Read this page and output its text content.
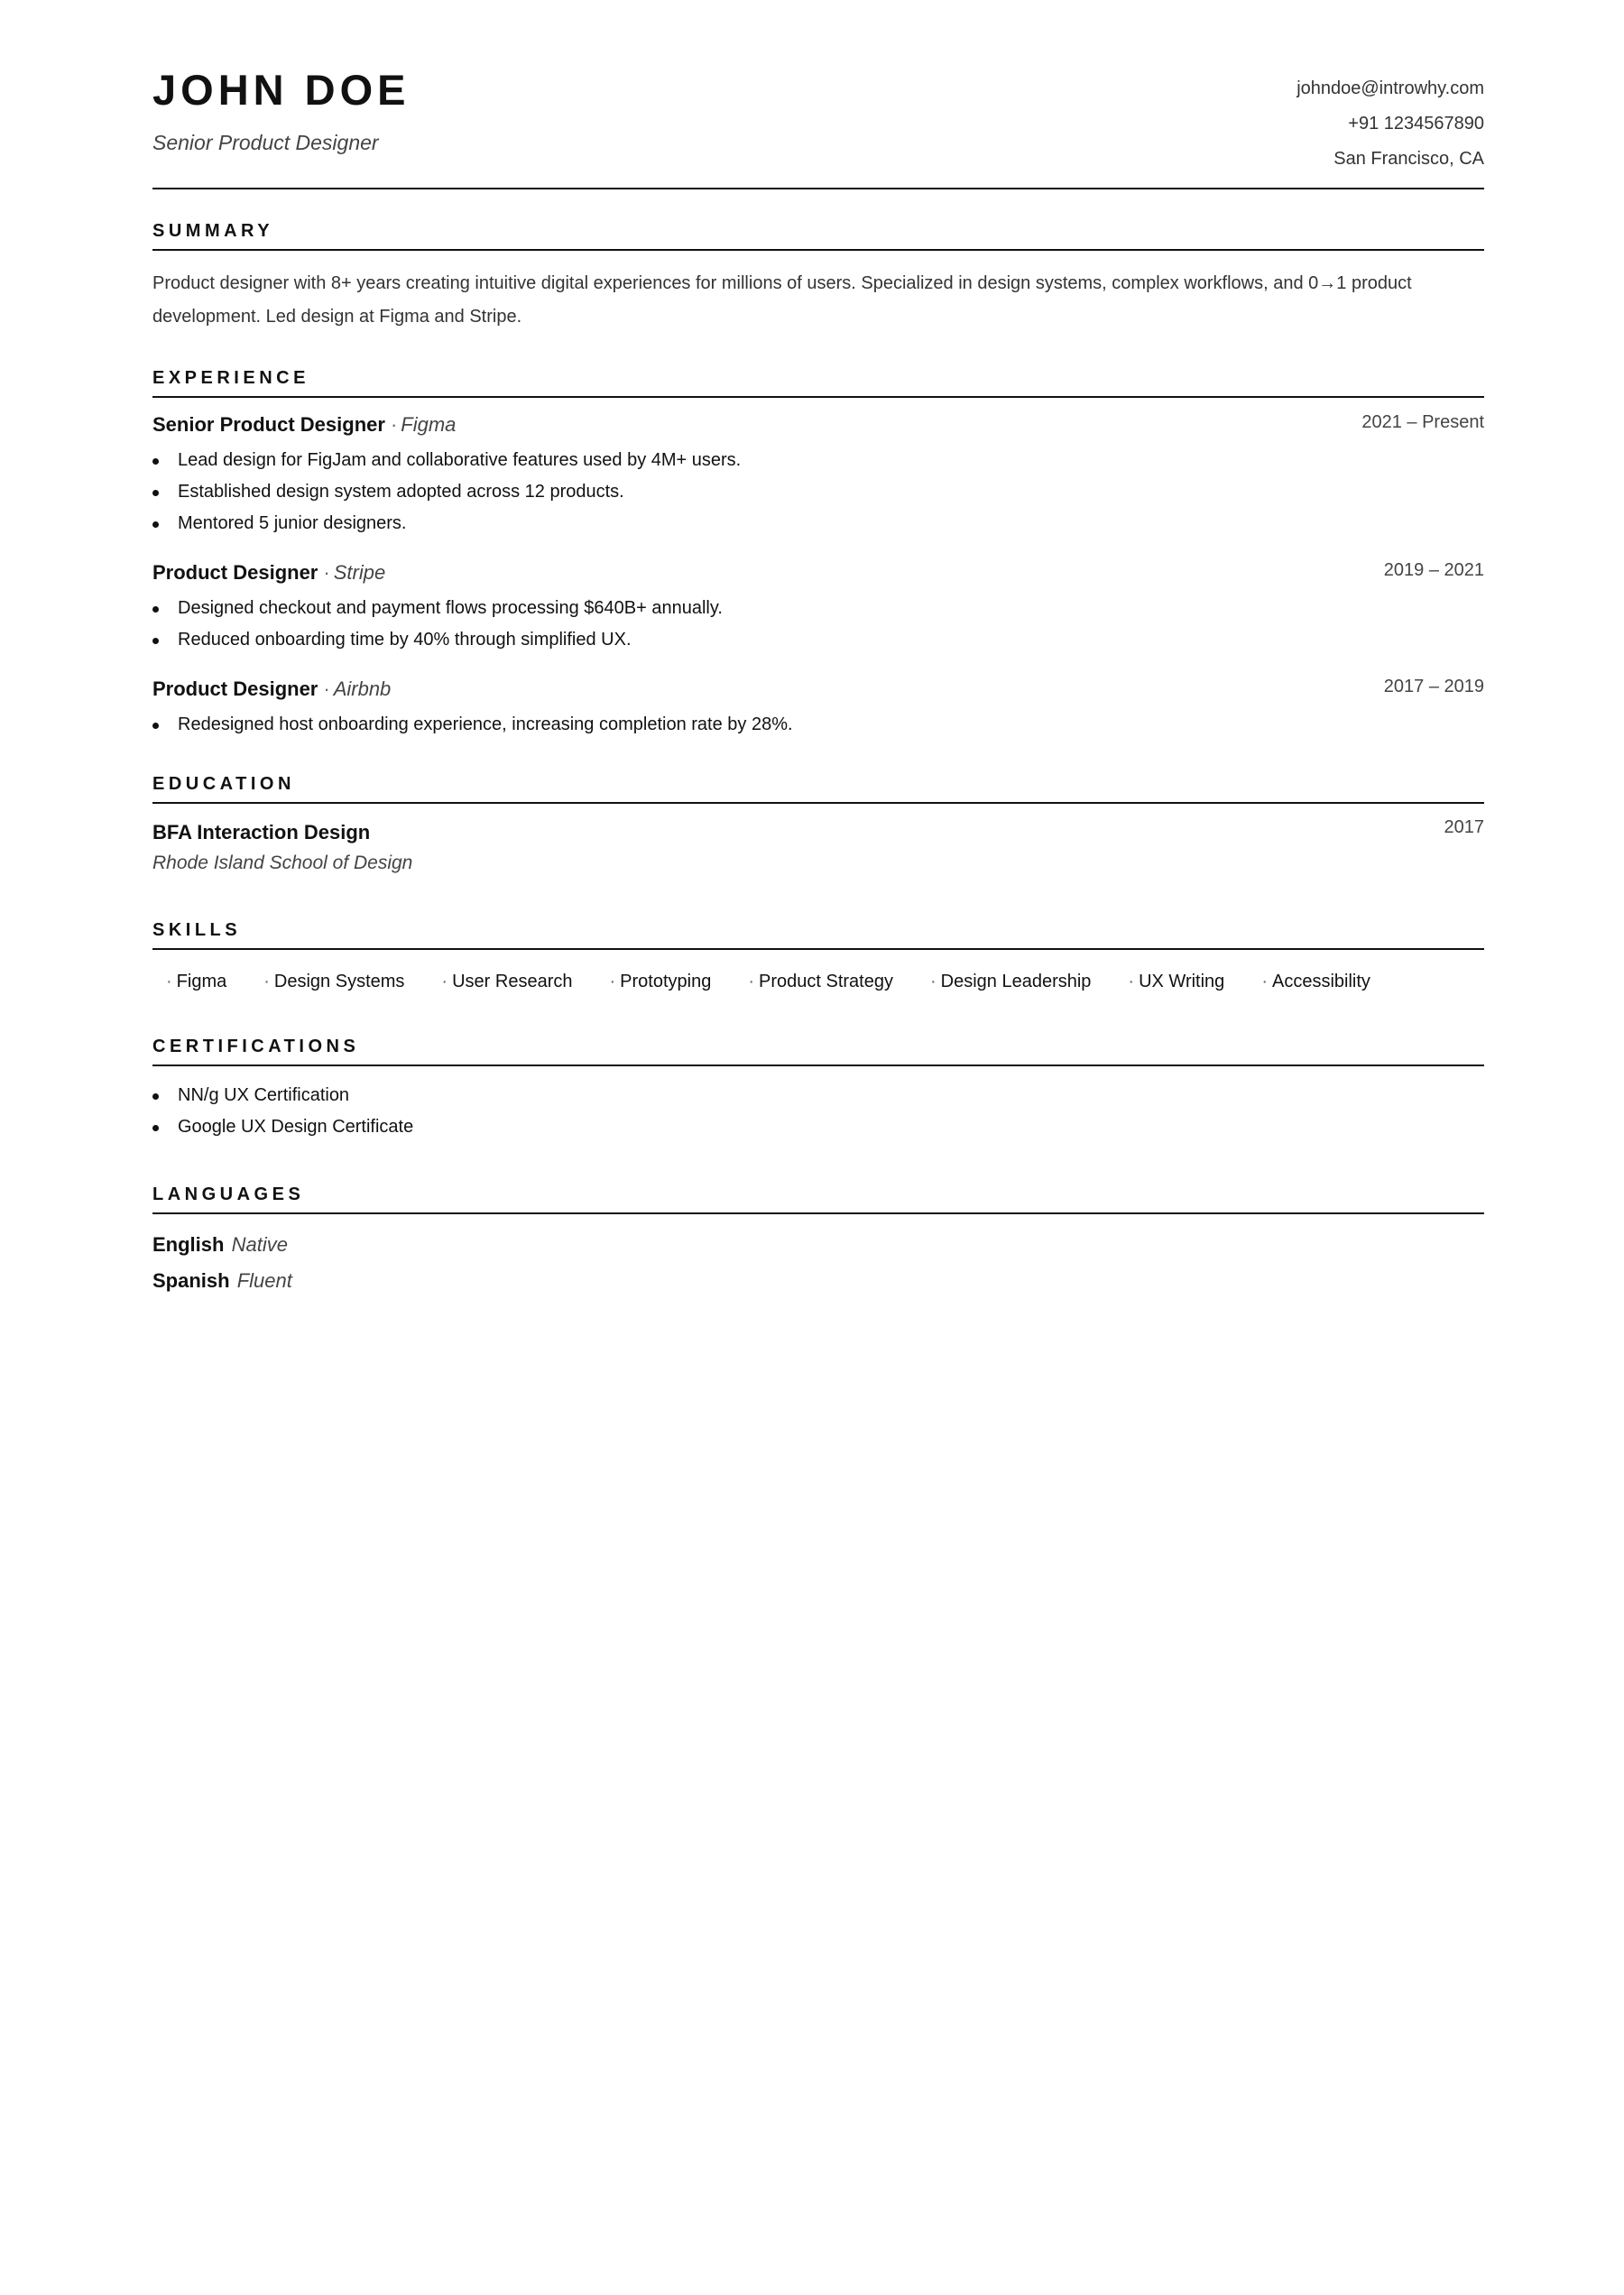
JOHN DOE
Senior Product Designer
johndoe@introwhy.com
+91 1234567890
San Francisco, CA
SUMMARY
Product designer with 8+ years creating intuitive digital experiences for millions of users. Specialized in design systems, complex workflows, and 0→1 product development. Led design at Figma and Stripe.
EXPERIENCE
Senior Product Designer · Figma	2021 – Present
Lead design for FigJam and collaborative features used by 4M+ users.
Established design system adopted across 12 products.
Mentored 5 junior designers.
Product Designer · Stripe	2019 – 2021
Designed checkout and payment flows processing $640B+ annually.
Reduced onboarding time by 40% through simplified UX.
Product Designer · Airbnb	2017 – 2019
Redesigned host onboarding experience, increasing completion rate by 28%.
EDUCATION
BFA Interaction Design
Rhode Island School of Design
2017
SKILLS
· Figma · Design Systems · User Research · Prototyping · Product Strategy · Design Leadership · UX Writing · Accessibility
CERTIFICATIONS
NN/g UX Certification
Google UX Design Certificate
LANGUAGES
English Native
Spanish Fluent
